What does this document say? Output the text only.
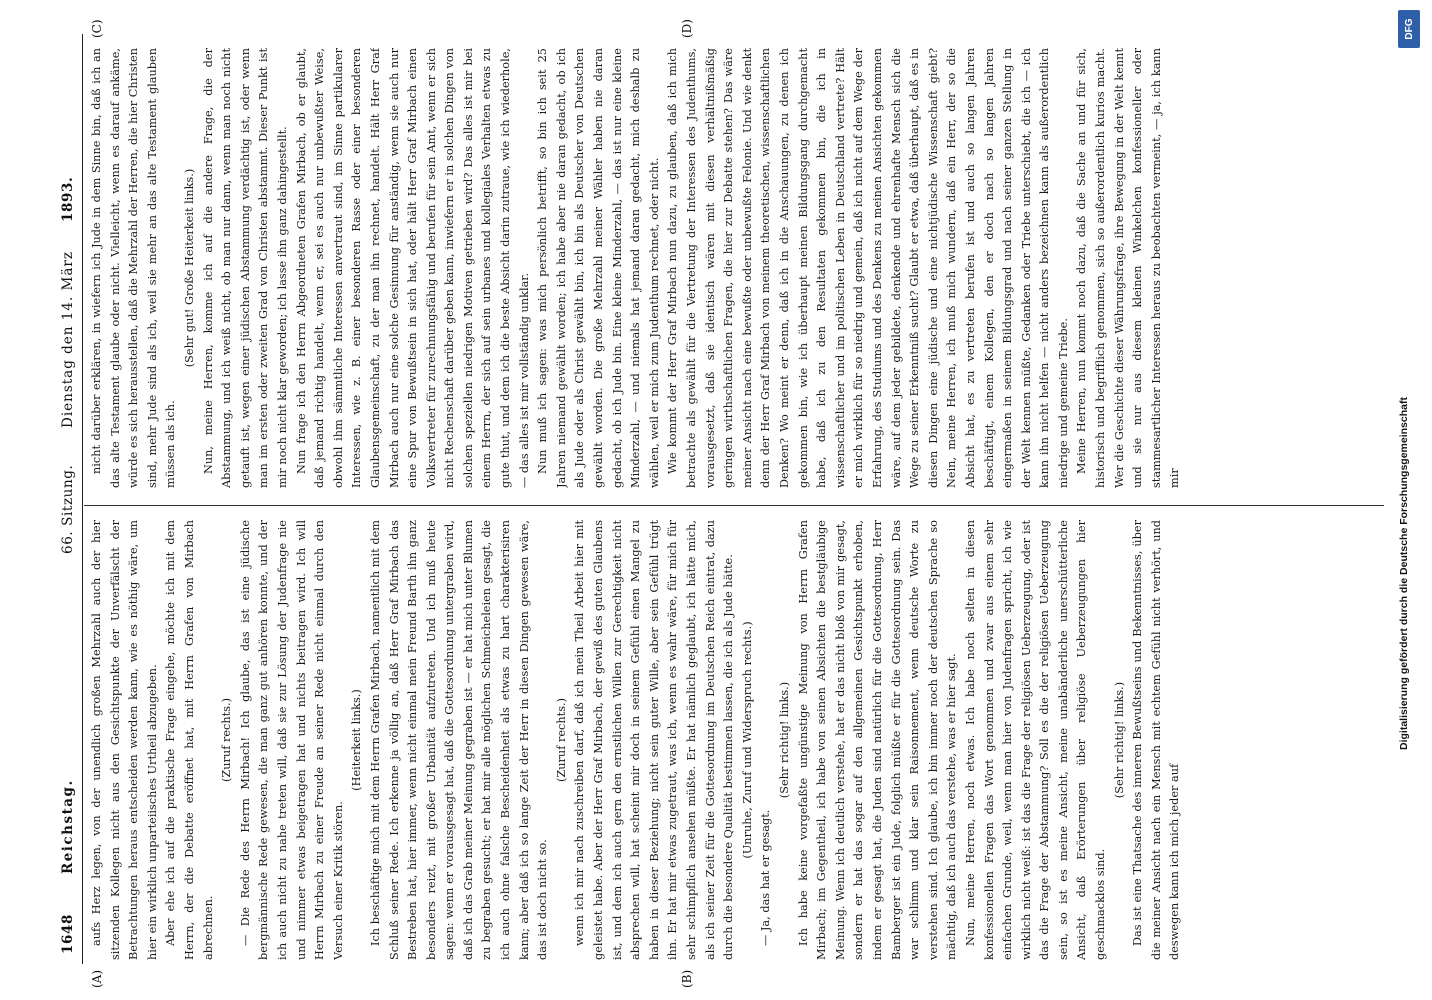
1648
Reichstag.
66. Sitzung.
Dienstag den 14. März
1893.
(A)	(B)
(C)	(D)

aufs Herz legen, von der unendlich großen Mehrzahl auch der hier sitzenden Kollegen nicht aus den Gesichtspunkte der Unverfälscht der Betrachtungen heraus entscheiden werden kann, wie es nöthig wäre, um hier ein wirklich unparteiisches Urtheil abzugeben. Aber ehe ich auf die praktische Frage eingehe, möchte ich mit dem Herrn, der die Debatte eröffnet hat, mit Herrn Grafen von Mirbach abrechnen.

(Zuruf rechts.) — Die Rede des Herrn Mirbach! Ich glaube, das ist eine jüdische bergmännische Rede gewesen, die man ganz gut anhören konnte, und der ich auch nicht zu nahe treten will, daß sie zur Lösung der Judenfrage nie und nimmer etwas beigetragen hat und nichts beitragen wird. Ich will Herrn Mirbach zu einer Freude an seiner Rede nicht einmal durch den Versuch einer Kritik stören.

(Heiterkeit links.) Ich beschäftige mich mit dem Herrn Grafen Mirbach, namentlich mit dem Schluß seiner Rede. Ich erkenne ja völlig an, daß Herr Graf Mirbach das Bestreben hat, hier immer, wenn nicht einmal mein Freund Barth ihn ganz besonders reizt, mit großer Urbanität aufzutreten. Und ich muß heute sagen: wenn er vorausgesagt hat, daß die Gottesordnung untergraben wird, daß ich das Grab meiner Meinung gegraben ist — er hat mich unter Blumen zu begraben gesucht; er hat mir alle möglichen Schmeicheleien gesagt, die ich auch ohne falsche Bescheidenheit als etwas zu hart charakterisiren kann; aber daß ich so lange Zeit der Herr in diesen Dingen gewesen wäre, das ist doch nicht so.

(Zuruf rechts.) wenn ich mir nach zuschreiben darf, daß ich mein Theil Arbeit hier mit geleistet habe. Aber der Herr Graf Mirbach, der gewiß des guten Glaubens ist, und dem ich auch gern den ernstlichen Willen zur Gerechtigkeit nicht absprechen will, hat scheint mir doch in seinem Gefühl einen Mangel zu haben in dieser Beziehung; nicht sein guter Wille, aber sein Gefühl trügt ihn. Er hat mir etwas zugetraut, was ich, wenn es wahr wäre, für mich für sehr schimpflich ansehen müßte. Er hat nämlich geglaubt, ich hätte mich, als ich seiner Zeit für die Gottesordnung im Deutschen Reich eintrat, dazu durch die besondere Qualität bestimmen lassen, die ich als Jude hätte. (Unruhe, Zuruf und Widerspruch rechts.)

— Ja, das hat er gesagt.

(Sehr richtig! links.) Ich habe keine vorgefaßte ungünstige Meinung von Herrn Grafen Mirbach; im Gegentheil, ich habe von seinen Absichten die bestgläubige Meinung. Wenn ich deutlich verstehe, hat er das nicht bloß von mir gesagt, sondern er hat das sogar auf den allgemeinen Gesichtspunkt erhoben, indem er gesagt hat, die Juden sind natürlich für die Gottesordnung, Herr Bamberger ist ein Jude, folglich müßte er für die Gottesordnung sein. Das war schlimm und klar sein Raisonnement, wenn deutsche Worte zu verstehen sind. Ich glaube, ich bin immer noch der deutschen Sprache so mächtig, daß ich auch das verstehe, was er hier sagt. Nun, meine Herren, noch etwas. Ich habe noch selten in diesen konfessionellen Fragen das Wort genommen und zwar aus einem sehr einfachen Grunde, weil, wenn man hier von Judenfragen spricht, ich wie wirklich nicht weiß: ist das die Frage der religiösen Ueberzeugung, oder ist das die Frage der Abstammung? Soll es die der religiösen Ueberzeugung sein, so ist es meine Ansicht, meine unabänderliche unerschütterliche Ansicht, daß Erörterungen über religiöse Ueberzeugungen hier geschmacklos sind.

(Sehr richtig! links.) Das ist eine Thatsache des inneren Bewußtseins und Bekenntnisses, über die meiner Ansicht nach ein Mensch mit echtem Gefühl nicht verhört, und deswegen kann ich mich jeder auf

nicht darüber erklären, in wiefern ich Jude in dem Sinne bin, daß ich an das alte Testament glaube oder nicht. Vielleicht, wenn es darauf ankäme, würde es sich herausstellen, daß die Mehrzahl der Herren, die hier Christen sind, mehr Jude sind als ich, weil sie mehr an das alte Testament glauben müssen als ich.

(Sehr gut! Große Heiterkeit links.) Nun, meine Herren, komme ich auf die andere Frage, die der Abstammung, und ich weiß nicht, ob man nur dann, wenn man noch nicht getauft ist, wegen einer jüdischen Abstammung verdächtig ist, oder wenn man im ersten oder zweiten Grad von Christen abstammt. Dieser Punkt ist mir noch nicht klar geworden; ich lasse ihn ganz dahingestellt. Nun frage ich den Herrn Abgeordneten Grafen Mirbach, ob er glaubt, daß jemand richtig handelt, wenn er, sei es auch nur unbewußter Weise, obwohl ihm sämmtliche Interessen anvertraut sind, im Sinne partikularer Interessen, wie z. B. einer besonderen Rasse oder einer besonderen Glaubensgemeinschaft, zu der man ihn rechnet, handelt. Hält Herr Graf Mirbach auch nur eine solche Gesinnung für anständig, wenn sie auch nur eine Spur von Bewußtsein in sich hat, oder hält Herr Graf Mirbach einen Volksvertreter für zurechnungsfähig und berufen für sein Amt, wenn er sich nicht Rechenschaft darüber geben kann, inwiefern er in solchen Dingen von solchen speziellen niedrigen Motiven getrieben wird? Das alles ist mir bei einem Herrn, der sich auf sein urbanes und kollegiales Verhalten etwas zu gute thut, und dem ich die beste Absicht darin zutraue, wie ich wiederhole, — das alles ist mir vollständig unklar. Nun muß ich sagen: was mich persönlich betrifft, so bin ich seit 25 Jahren niemand gewählt worden; ich habe aber nie daran gedacht, ob ich als Jude oder als Christ gewählt bin, ich bin als Deutscher von Deutschen gewählt worden. Die große Mehrzahl meiner Wähler haben nie daran gedacht, ob ich Jude bin. Eine kleine Minderzahl, — das ist nur eine kleine Minderzahl, — und niemals hat jemand daran gedacht, mich deshalb zu wählen, weil er mich zum Judenthum rechnet, oder nicht. Wie kommt der Herr Graf Mirbach nun dazu, zu glauben, daß ich mich betrachte als gewählt für die Vertretung der Interessen des Judenthums, vorausgesetzt, daß sie identisch wären mit diesen verhältnißmäßig geringen wirthschaftlichen Fragen, die hier zur Debatte stehen? Das wäre meiner Ansicht nach eine bewußte oder unbewußte Felonie. Und wie denkt denn der Herr Graf Mirbach von meinem theoretischen, wissenschaftlichen Denken? Wo meint er denn, daß ich in die Anschauungen, zu denen ich gekommen bin, wie ich überhaupt meinen Bildungsgang durchgemacht habe, daß ich zu den Resultaten gekommen bin, die ich in wissenschaftlicher und im politischen Leben in Deutschland vertrete? Hält er mich wirklich für so niedrig und gemein, daß ich nicht auf dem Wege der Erfahrung, des Studiums und des Denkens zu meinen Ansichten gekommen wäre, auf dem jeder gebildete, denkende und ehrenhafte Mensch sich die Wege zu seiner Erkenntniß sucht? Glaubt er etwa, daß überhaupt, daß es in diesen Dingen eine jüdische und eine nichtjüdische Wissenschaft giebt? Nein, meine Herren, ich muß mich wundern, daß ein Herr, der so die Absicht hat, es zu vertreten berufen ist und auch so langen Jahren beschäftigt, einem Kollegen, den er doch nach so langen Jahren eingermaßen in seinem Bildungsgrad und nach seiner ganzen Stellung in der Welt kennen müßte, Gedanken oder Triebe unterschiebt, die ich — ich kann ihn nicht helfen — nicht anders bezeichnen kann als außerordentlich niedrige und gemeine Triebe. Meine Herren, nun kommt noch dazu, daß die Sache an und für sich, historisch und begrifflich genommen, sich so außerordentlich kurios macht. Wer die Geschichte dieser Währungsfrage, ihre Bewegung in der Welt kennt und sie nur aus diesem kleinen Winkelchen konfessioneller oder stammesartlicher Interessen heraus zu beobachten vermeint, — ja, ich kann mir	Digitalisierung gefördert durch die Deutsche Forschungsgemeinschaft
DFG
